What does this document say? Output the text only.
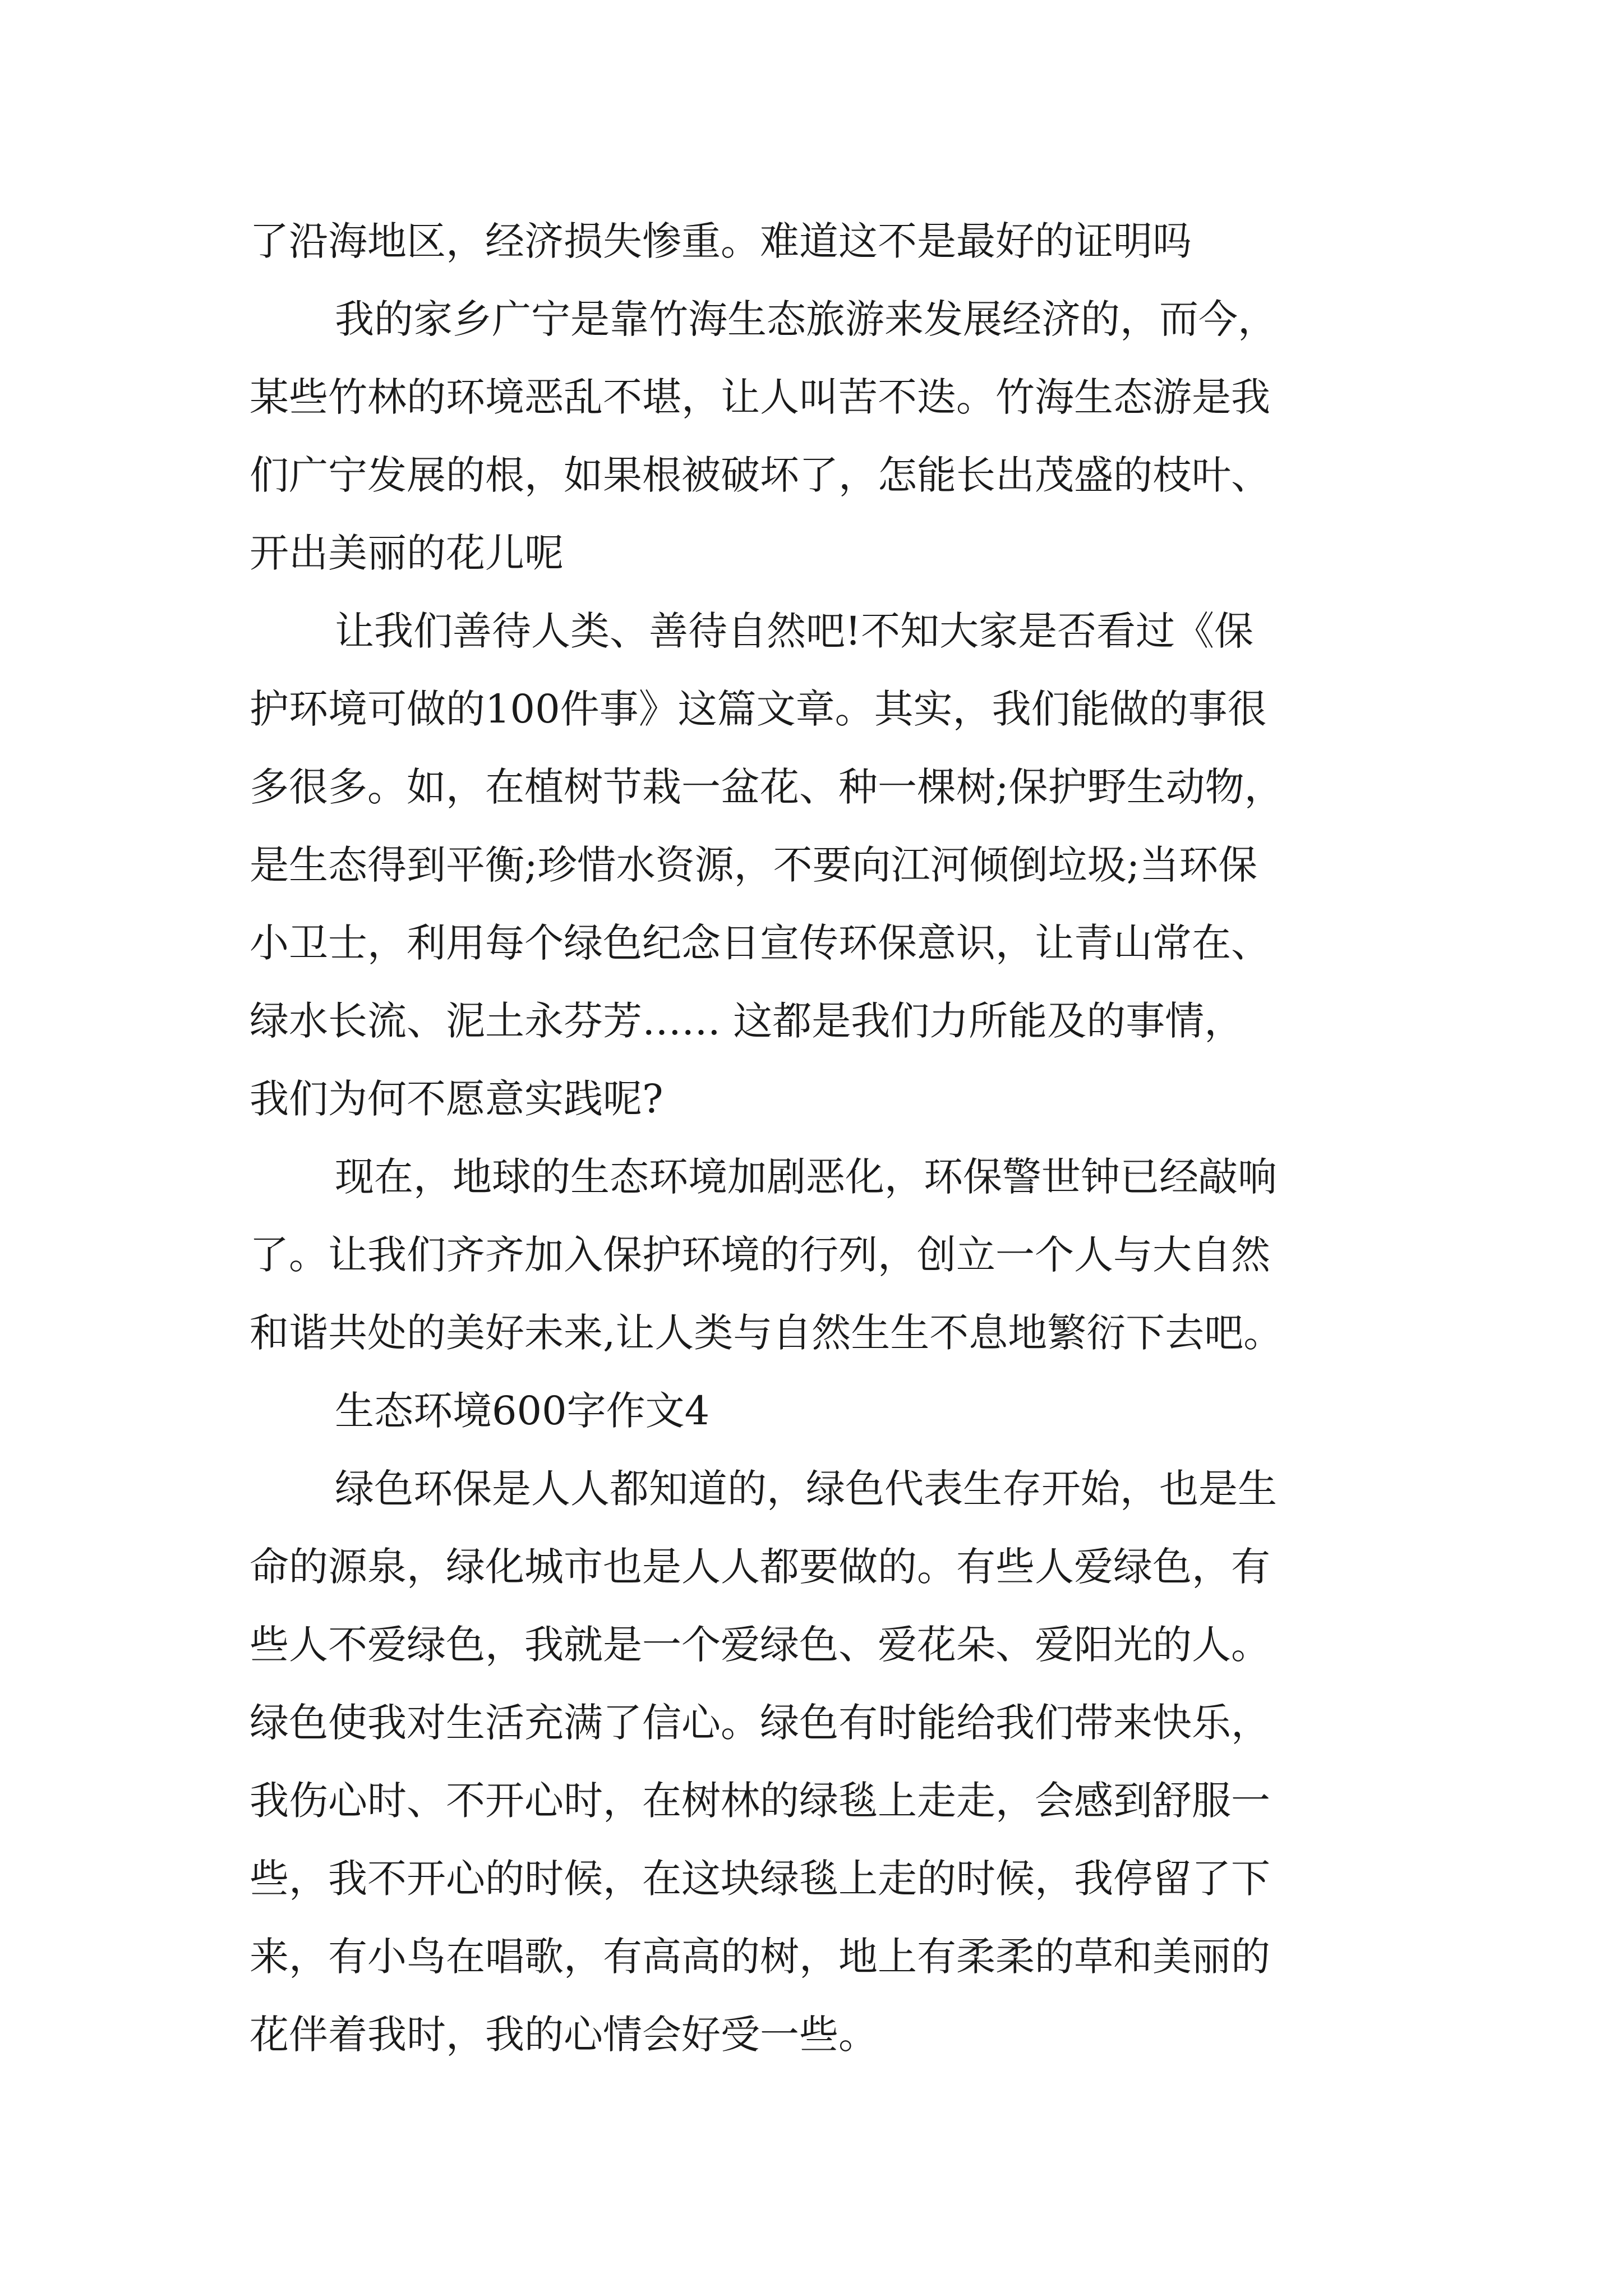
了沿海地区，经济损失惨重。难道这不是最好的证明吗
我的家乡广宁是靠竹海生态旅游来发展经济的，而今，
某些竹林的环境恶乱不堪，让人叫苦不迭。竹海生态游是我
们广宁发展的根，如果根被破坏了，怎能长出茂盛的枝叶、
开出美丽的花儿呢
让我们善待人类、善待自然吧!不知大家是否看过《保
护环境可做的100件事》这篇文章。其实，我们能做的事很
多很多。如，在植树节栽一盆花、种一棵树;保护野生动物，
是生态得到平衡;珍惜水资源，不要向江河倾倒垃圾;当环保
小卫士，利用每个绿色纪念日宣传环保意识，让青山常在、
绿水长流、泥土永芬芳…… 这都是我们力所能及的事情，
我们为何不愿意实践呢?
现在，地球的生态环境加剧恶化，环保警世钟已经敲响
了。让我们齐齐加入保护环境的行列，创立一个人与大自然
和谐共处的美好未来,让人类与自然生生不息地繁衍下去吧。
生态环境600字作文4
绿色环保是人人都知道的，绿色代表生存开始，也是生
命的源泉，绿化城市也是人人都要做的。有些人爱绿色，有
些人不爱绿色，我就是一个爱绿色、爱花朵、爱阳光的人。
绿色使我对生活充满了信心。绿色有时能给我们带来快乐，
我伤心时、不开心时，在树林的绿毯上走走，会感到舒服一
些，我不开心的时候，在这块绿毯上走的时候，我停留了下
来，有小鸟在唱歌，有高高的树，地上有柔柔的草和美丽的
花伴着我时，我的心情会好受一些。
